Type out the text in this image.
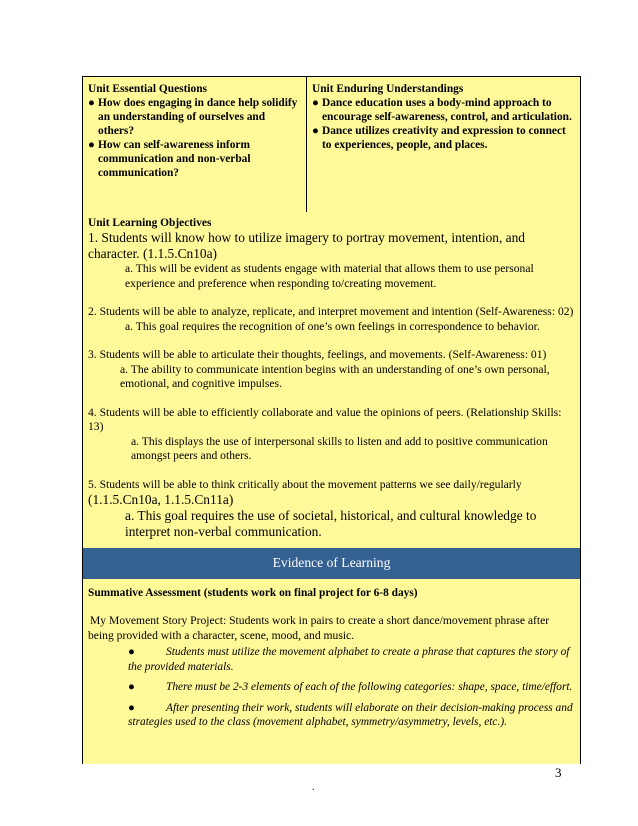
Unit Essential Questions
● How does engaging in dance help solidify an understanding of ourselves and others?
● How can self-awareness inform communication and non-verbal communication?
Unit Enduring Understandings
● Dance education uses a body-mind approach to encourage self-awareness, control, and articulation.
● Dance utilizes creativity and expression to connect to experiences, people, and places.
Unit Learning Objectives

1. Students will know how to utilize imagery to portray movement, intention, and character. (1.1.5.Cn10a)

a. This will be evident as students engage with material that allows them to use personal experience and preference when responding to/creating movement.

2. Students will be able to analyze, replicate, and interpret movement and intention (Self-Awareness: 02)

a. This goal requires the recognition of one’s own feelings in correspondence to behavior.

3. Students will be able to articulate their thoughts, feelings, and movements. (Self-Awareness: 01)

a. The ability to communicate intention begins with an understanding of one’s own personal, emotional, and cognitive impulses.

4. Students will be able to efficiently collaborate and value the opinions of peers. (Relationship Skills: 13)

a. This displays the use of interpersonal skills to listen and add to positive communication amongst peers and others.

5. Students will be able to think critically about the movement patterns we see daily/regularly

(1.1.5.Cn10a, 1.1.5.Cn11a)

a. This goal requires the use of societal, historical, and cultural knowledge to interpret non-verbal communication.

Evidence of Learning
Summative Assessment (students work on final project for 6-8 days)

My Movement Story Project: Students work in pairs to create a short dance/movement phrase after being provided with a character, scene, mood, and music.

●	Students must utilize the movement alphabet to create a phrase that captures the story of the provided materials.
●	There must be 2-3 elements of each of the following categories: shape, space, time/effort.
●	After presenting their work, students will elaborate on their decision-making process and strategies used to the class (movement alphabet, symmetry/asymmetry, levels, etc.).
3
.
